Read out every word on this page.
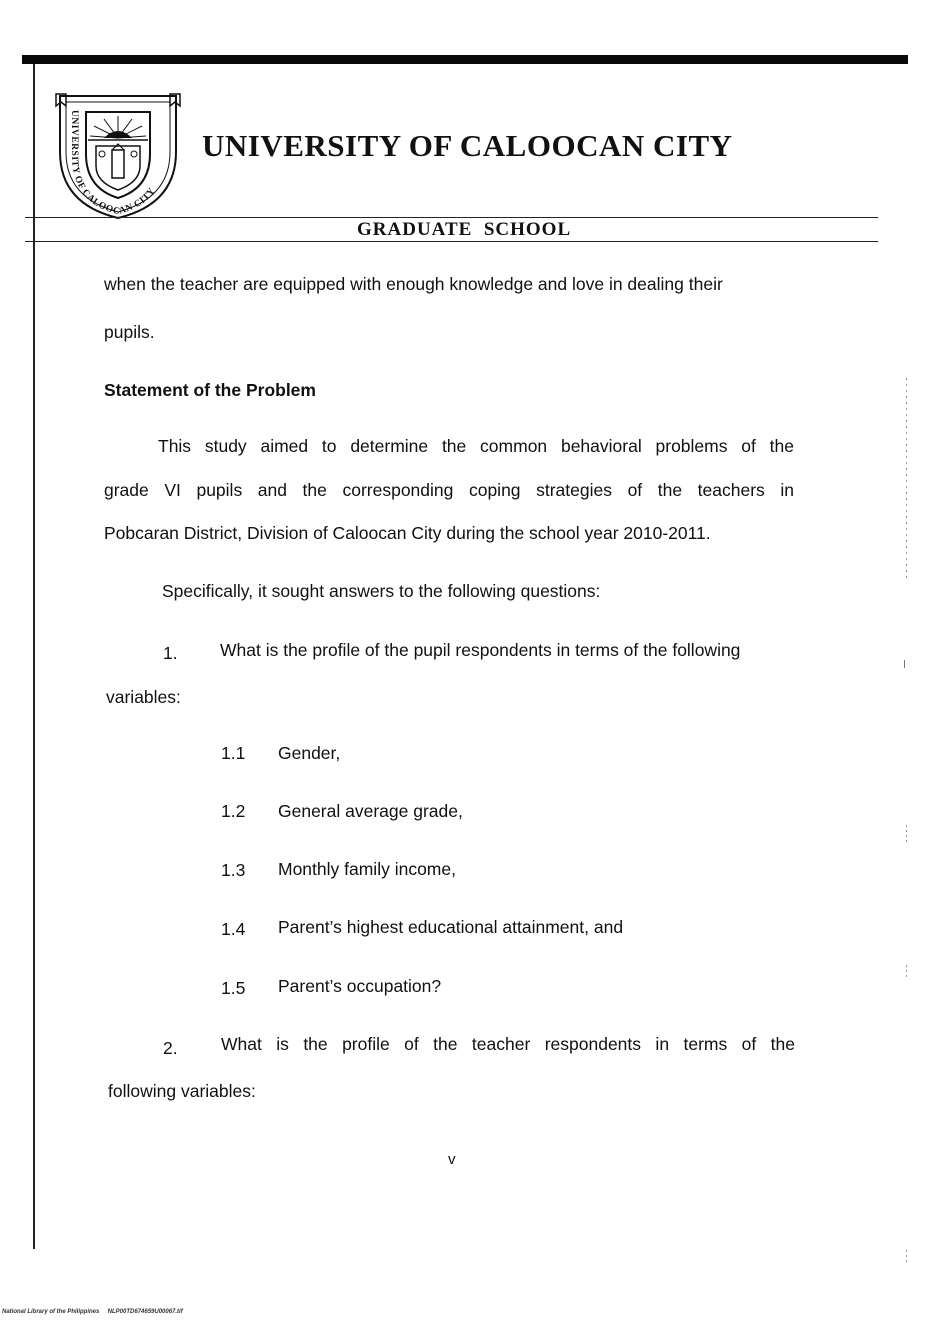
UNIVERSITY OF CALOOCAN CITY
UNIVERSITY OF CALOOCAN CITY
GRADUATE  SCHOOL
when the teacher are equipped with enough knowledge and love in dealing their
pupils.
Statement of the Problem
This study aimed to determine the common behavioral problems of the
grade VI pupils and the corresponding coping strategies of the teachers in
Pobcaran District, Division of Caloocan City during the school year 2010-2011.
Specifically, it sought answers to the following questions:
1. What is the profile of the pupil respondents in terms of the following
variables:
1.1 Gender,
1.2 General average grade,
1.3 Monthly family income,
1.4 Parent’s highest educational attainment, and
1.5 Parent’s occupation?
2. What is the profile of the teacher respondents in terms of the
following variables:
v
National Library of the Philippines     NLP00TD674659U00067.tif
